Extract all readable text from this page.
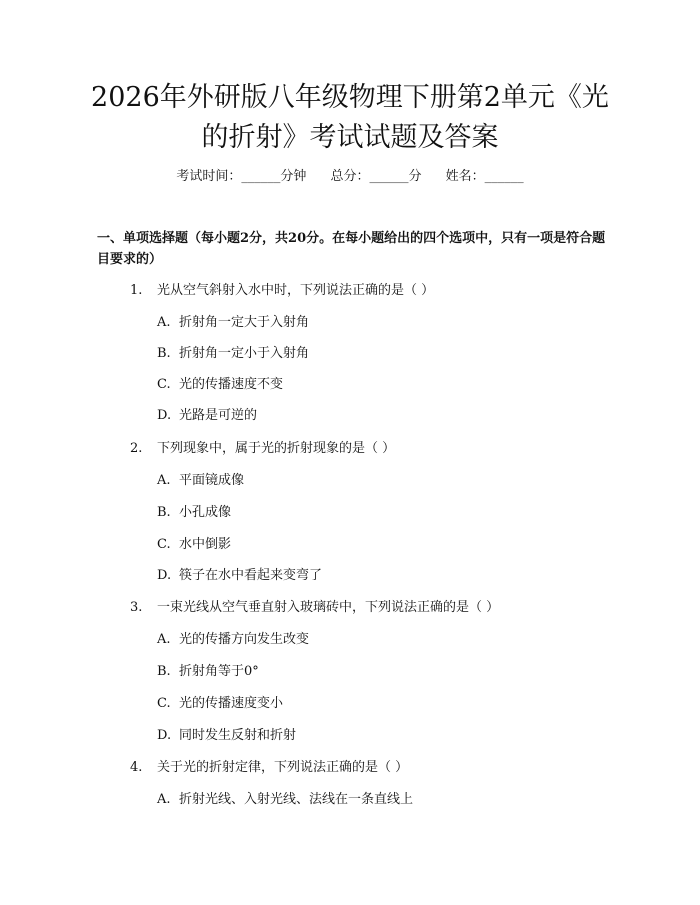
2026年外研版八年级物理下册第2单元《光
的折射》考试试题及答案
考试时间：______分钟 总分：______分 姓名：______
一、单项选择题（每小题2分，共20分。在每小题给出的四个选项中，只有一项是符合题目要求的）
1. 光从空气斜射入水中时，下列说法正确的是（ ）
A. 折射角一定大于入射角
B. 折射角一定小于入射角
C. 光的传播速度不变
D. 光路是可逆的
2. 下列现象中，属于光的折射现象的是（ ）
A. 平面镜成像
B. 小孔成像
C. 水中倒影
D. 筷子在水中看起来变弯了
3. 一束光线从空气垂直射入玻璃砖中，下列说法正确的是（ ）
A. 光的传播方向发生改变
B. 折射角等于0°
C. 光的传播速度变小
D. 同时发生反射和折射
4. 关于光的折射定律，下列说法正确的是（ ）
A. 折射光线、入射光线、法线在一条直线上
